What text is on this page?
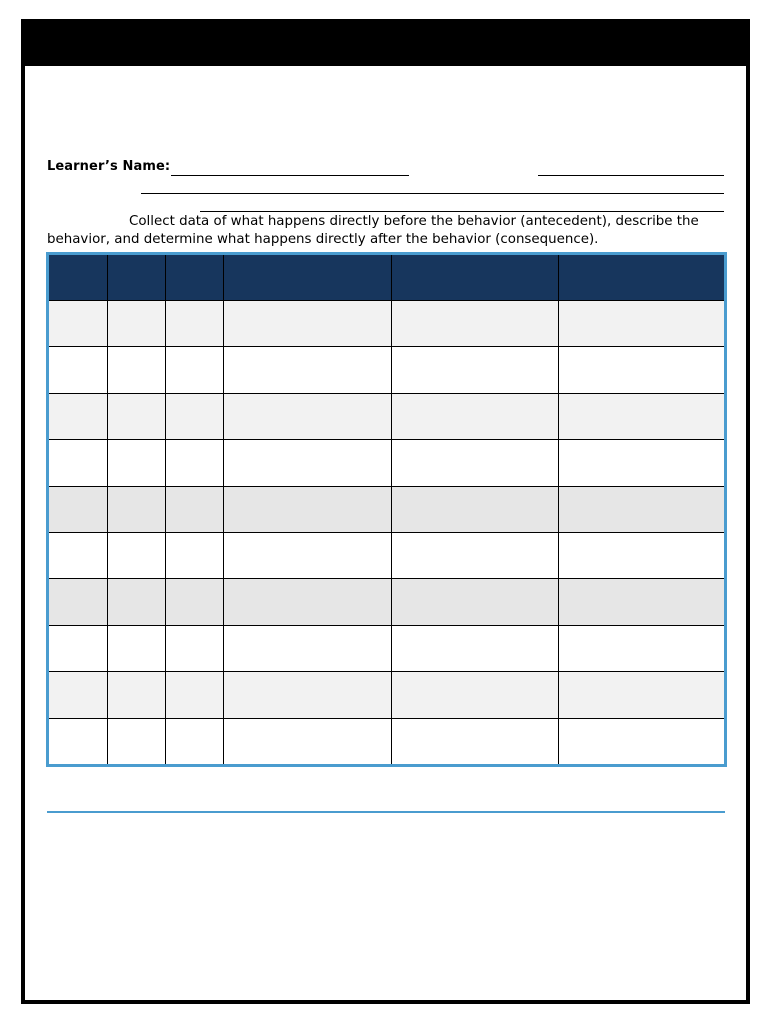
Learner’s Name:
Collect data of what happens directly before the behavior (antecedent), describe the behavior, and determine what happens directly after the behavior (consequence).
